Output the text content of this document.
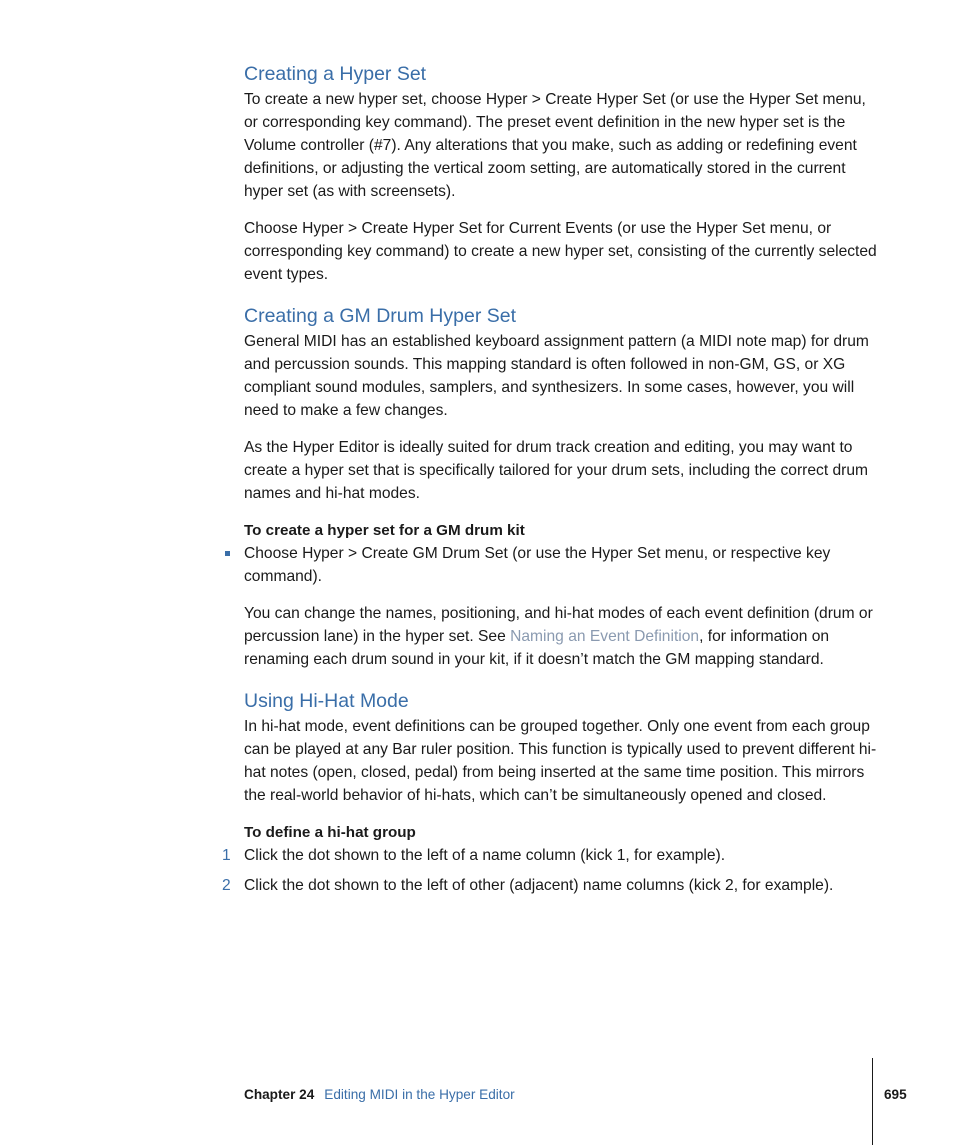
Creating a Hyper Set

To create a new hyper set, choose Hyper > Create Hyper Set (or use the Hyper Set menu, or corresponding key command). The preset event definition in the new hyper set is the Volume controller (#7). Any alterations that you make, such as adding or redefining event definitions, or adjusting the vertical zoom setting, are automatically stored in the current hyper set (as with screensets).

Choose Hyper > Create Hyper Set for Current Events (or use the Hyper Set menu, or corresponding key command) to create a new hyper set, consisting of the currently selected event types.

Creating a GM Drum Hyper Set

General MIDI has an established keyboard assignment pattern (a MIDI note map) for drum and percussion sounds. This mapping standard is often followed in non-GM, GS, or XG compliant sound modules, samplers, and synthesizers. In some cases, however, you will need to make a few changes.

As the Hyper Editor is ideally suited for drum track creation and editing, you may want to create a hyper set that is specifically tailored for your drum sets, including the correct drum names and hi-hat modes.

To create a hyper set for a GM drum kit

Choose Hyper > Create GM Drum Set (or use the Hyper Set menu, or respective key command).

You can change the names, positioning, and hi-hat modes of each event definition (drum or percussion lane) in the hyper set. See Naming an Event Definition, for information on renaming each drum sound in your kit, if it doesn’t match the GM mapping standard.

Using Hi-Hat Mode

In hi-hat mode, event definitions can be grouped together. Only one event from each group can be played at any Bar ruler position. This function is typically used to prevent different hi-hat notes (open, closed, pedal) from being inserted at the same time position. This mirrors the real-world behavior of hi-hats, which can’t be simultaneously opened and closed.

To define a hi-hat group

1 Click the dot shown to the left of a name column (kick 1, for example).

2 Click the dot shown to the left of other (adjacent) name columns (kick 2, for example).

Chapter 24 Editing MIDI in the Hyper Editor	695
